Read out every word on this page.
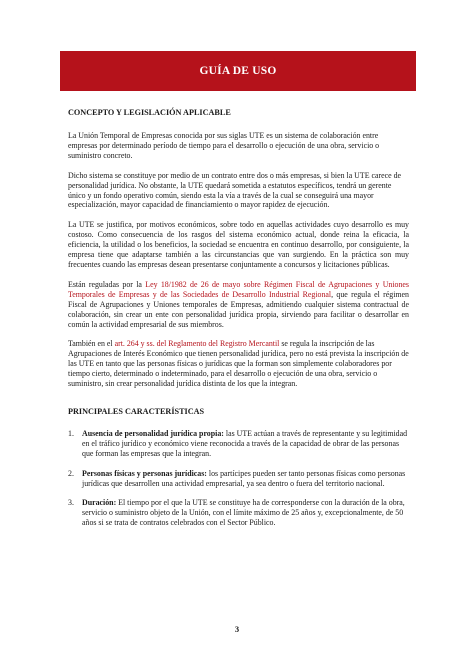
GUÍA DE USO
CONCEPTO Y LEGISLACIÓN APLICABLE

La Unión Temporal de Empresas conocida por sus siglas UTE es un sistema de colaboración entre empresas por determinado período de tiempo para el desarrollo o ejecución de una obra, servicio o suministro concreto.

Dicho sistema se constituye por medio de un contrato entre dos o más empresas, si bien la UTE carece de personalidad jurídica. No obstante, la UTE quedará sometida a estatutos específicos, tendrá un gerente único y un fondo operativo común, siendo esta la vía a través de la cual se conseguirá una mayor especialización, mayor capacidad de financiamiento o mayor rapidez de ejecución.

La UTE se justifica, por motivos económicos, sobre todo en aquellas actividades cuyo desarrollo es muy costoso. Como consecuencia de los rasgos del sistema económico actual, donde reina la eficacia, la eficiencia, la utilidad o los beneficios, la sociedad se encuentra en continuo desarrollo, por consiguiente, la empresa tiene que adaptarse también a las circunstancias que van surgiendo. En la práctica son muy frecuentes cuando las empresas desean presentarse conjuntamente a concursos y licitaciones públicas.

Están reguladas por la Ley 18/1982 de 26 de mayo sobre Régimen Fiscal de Agrupaciones y Uniones Temporales de Empresas y de las Sociedades de Desarrollo Industrial Regional, que regula el régimen Fiscal de Agrupaciones y Uniones temporales de Empresas, admitiendo cualquier sistema contractual de colaboración, sin crear un ente con personalidad jurídica propia, sirviendo para facilitar o desarrollar en común la actividad empresarial de sus miembros.

También en el art. 264 y ss. del Reglamento del Registro Mercantil se regula la inscripción de las Agrupaciones de Interés Económico que tienen personalidad jurídica, pero no está prevista la inscripción de las UTE en tanto que las personas físicas o jurídicas que la forman son simplemente colaboradores por tiempo cierto, determinado o indeterminado, para el desarrollo o ejecución de una obra, servicio o suministro, sin crear personalidad jurídica distinta de los que la integran.

PRINCIPALES CARACTERÍSTICAS
1.	Ausencia de personalidad jurídica propia: las UTE actúan a través de representante y su legitimidad en el tráfico jurídico y económico viene reconocida a través de la capacidad de obrar de las personas que forman las empresas que la integran.
2.	Personas físicas y personas jurídicas: los partícipes pueden ser tanto personas físicas como personas jurídicas que desarrollen una actividad empresarial, ya sea dentro o fuera del territorio nacional.
3.	Duración: El tiempo por el que la UTE se constituye ha de corresponderse con la duración de la obra, servicio o suministro objeto de la Unión, con el límite máximo de 25 años y, excepcionalmente, de 50 años si se trata de contratos celebrados con el Sector Público.
3
